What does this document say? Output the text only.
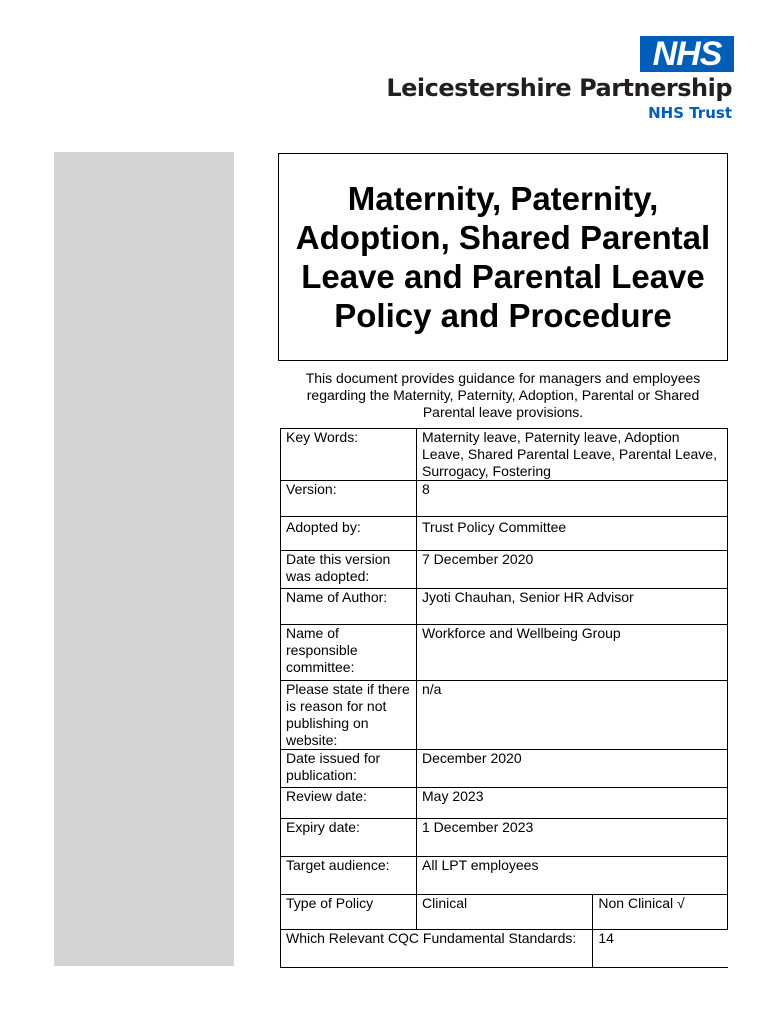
NHS
Leicestershire Partnership
NHS Trust
Maternity, Paternity, Adoption, Shared Parental Leave and Parental Leave Policy and Procedure
This document provides guidance for managers and employees regarding the Maternity, Paternity, Adoption, Parental or Shared Parental leave provisions.
Key Words:	Maternity leave, Paternity leave, Adoption Leave, Shared Parental Leave, Parental Leave, Surrogacy, Fostering	
Version:	8	
Adopted by:	Trust Policy Committee	
Date this version was adopted:	7 December 2020	
Name of Author:	Jyoti Chauhan, Senior HR Advisor	
Name of responsible committee:	Workforce and Wellbeing Group	
Please state if there is reason for not publishing on website:	n/a	
Date issued for publication:	December 2020	
Review date:	May 2023	
Expiry date:	1 December 2023	
Target audience:	All LPT employees	
Type of Policy	Clinical	Non Clinical √
Which Relevant CQC Fundamental Standards:		14
